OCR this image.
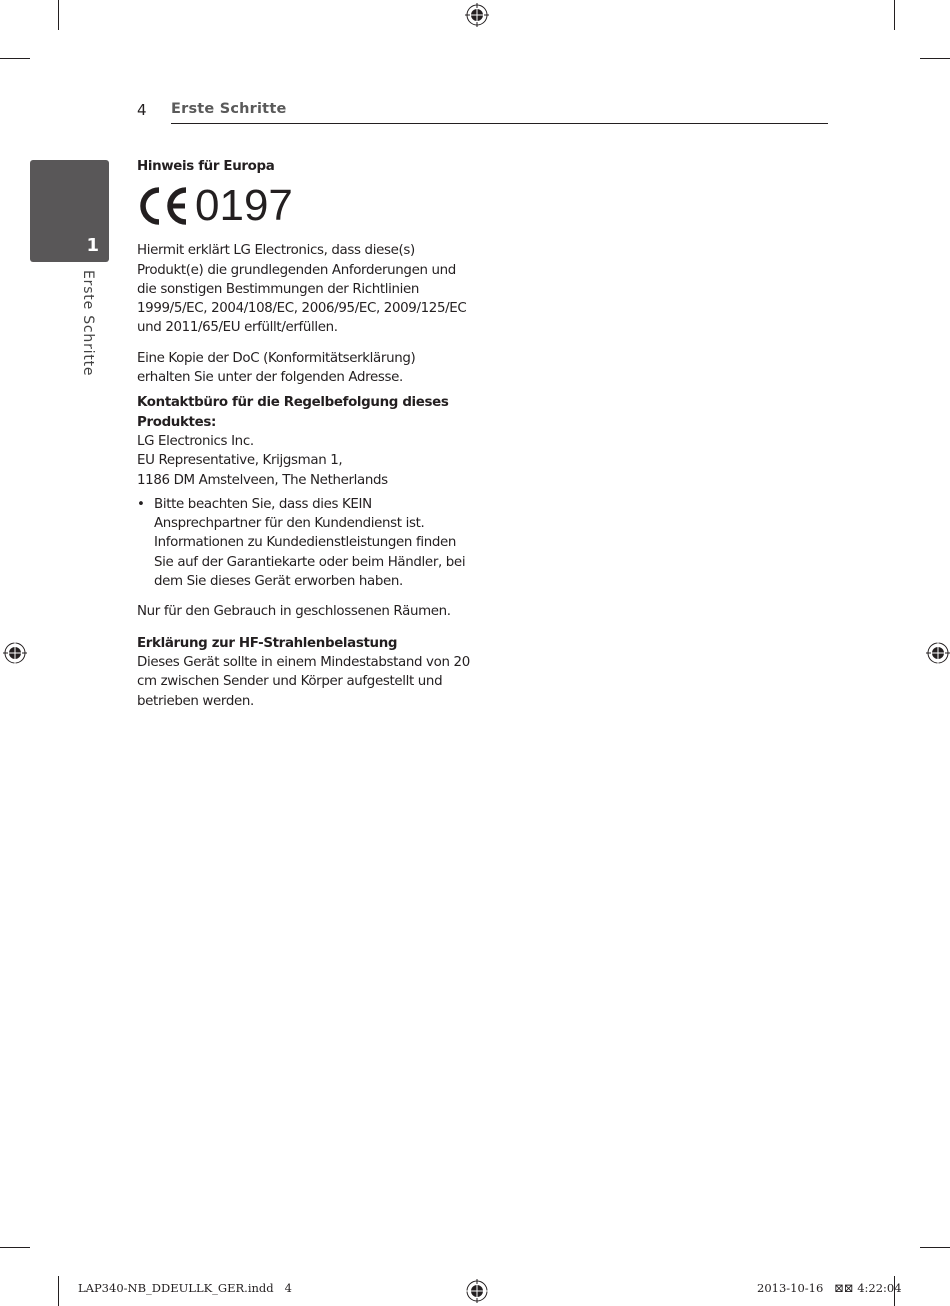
4 Erste Schritte
1
Erste Schritte

Hinweis für Europa

0197

Hiermit erklärt LG Electronics, dass diese(s) Produkt(e) die grundlegenden Anforderungen und die sonstigen Bestimmungen der Richtlinien 1999/5/EC, 2004/108/EC, 2006/95/EC, 2009/125/EC und 2011/65/EU erfüllt/erfüllen.

Eine Kopie der DoC (Konformitätserklärung) erhalten Sie unter der folgenden Adresse.

Kontaktbüro für die Regelbefolgung dieses Produktes:

LG Electronics Inc.

EU Representative, Krijgsman 1,

1186 DM Amstelveen, The Netherlands

• Bitte beachten Sie, dass dies KEIN Ansprechpartner für den Kundendienst ist. Informationen zu Kundedienstleistungen finden Sie auf der Garantiekarte oder beim Händler, bei dem Sie dieses Gerät erworben haben.

Nur für den Gebrauch in geschlossenen Räumen.

Erklärung zur HF-Strahlenbelastung

Dieses Gerät sollte in einem Mindestabstand von 20 cm zwischen Sender und Körper aufgestellt und betrieben werden.

LAP340-NB_DDEULLK_GER.indd   4	2013-10-16   ⊠⊠ 4:22:04
